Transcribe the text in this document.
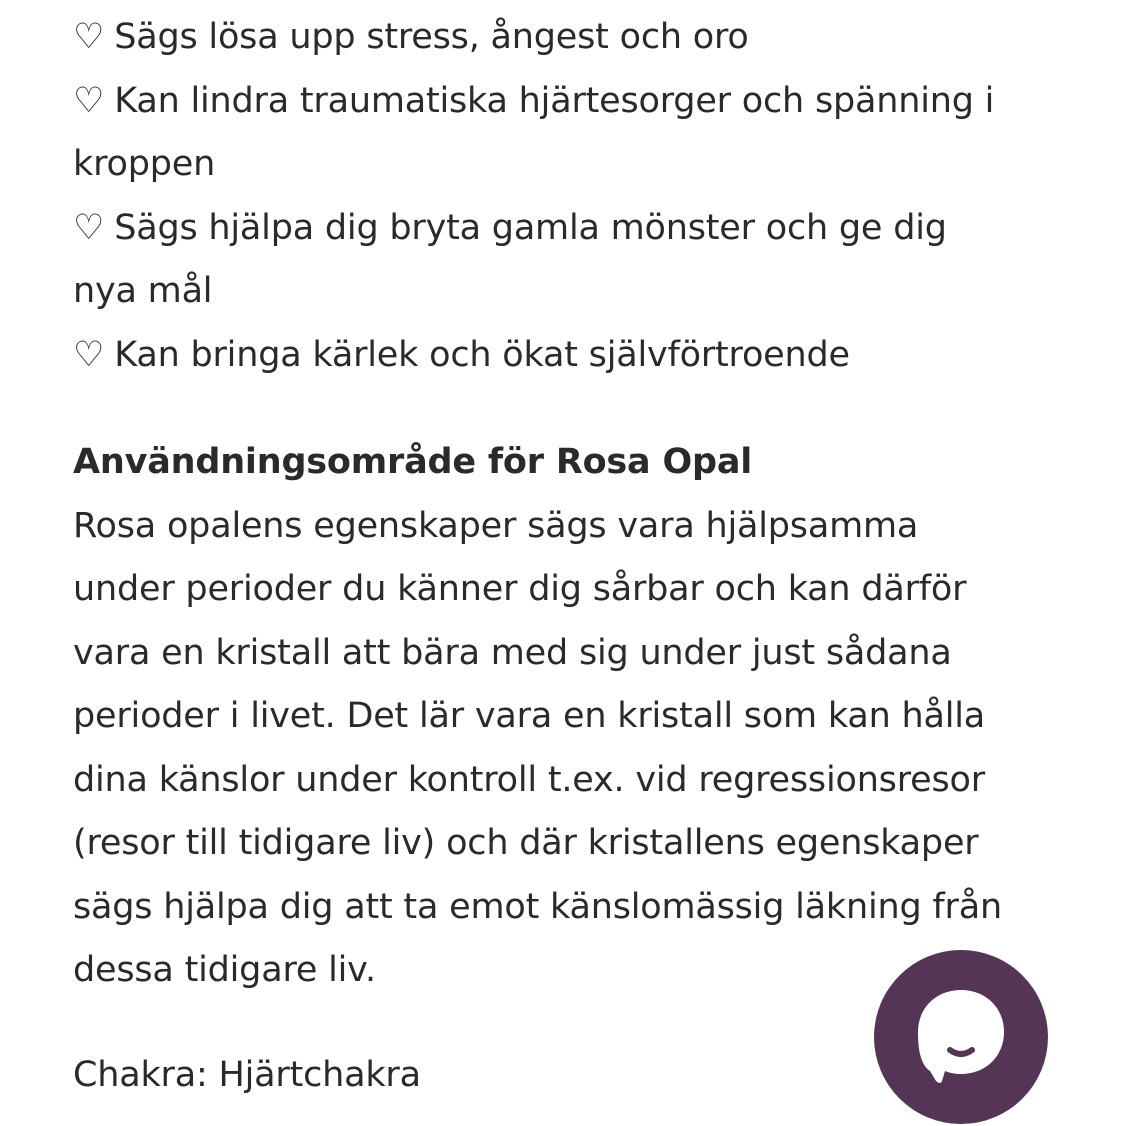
♡ Sägs lösa upp stress, ångest och oro
♡ Kan lindra traumatiska hjärtesorger och spänning i
kroppen
♡ Sägs hjälpa dig bryta gamla mönster och ge dig
nya mål
♡ Kan bringa kärlek och ökat självförtroende
Användningsområde för Rosa Opal
Rosa opalens egenskaper sägs vara hjälpsamma
under perioder du känner dig sårbar och kan därför
vara en kristall att bära med sig under just sådana
perioder i livet. Det lär vara en kristall som kan hålla
dina känslor under kontroll t.ex. vid regressionsresor
(resor till tidigare liv) och där kristallens egenskaper
sägs hjälpa dig att ta emot känslomässig läkning från
dessa tidigare liv.
Chakra: Hjärtchakra
